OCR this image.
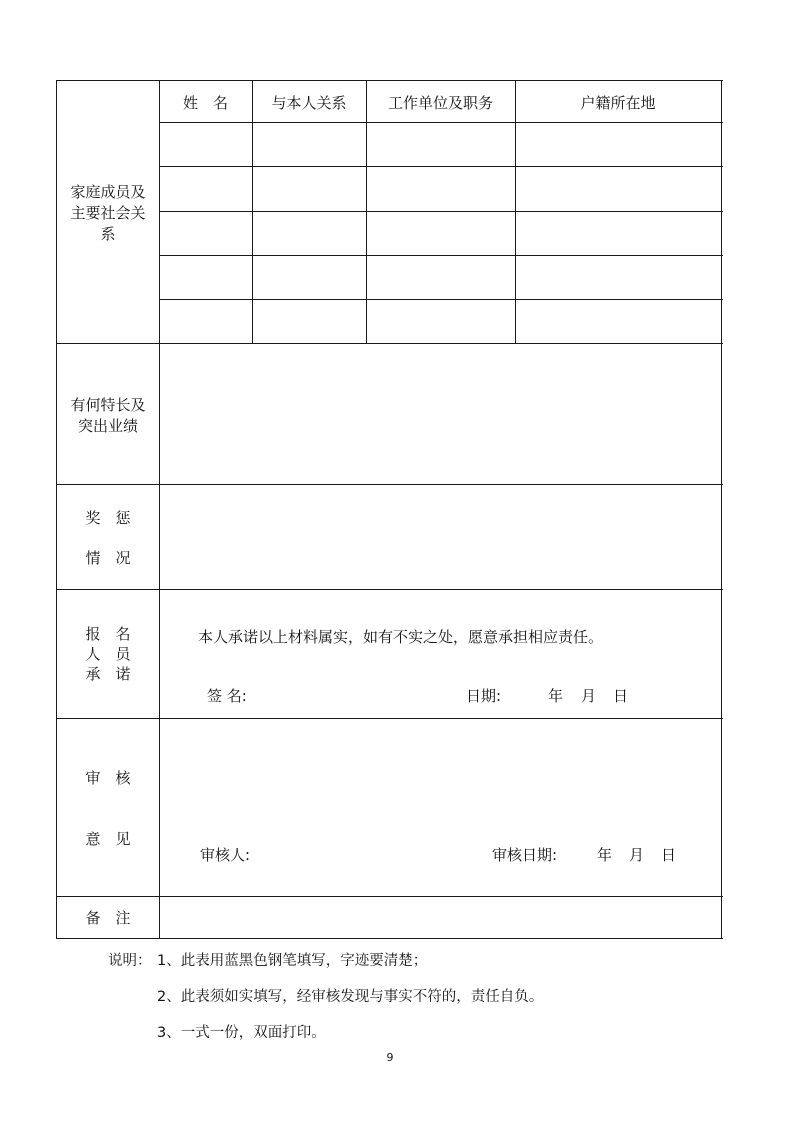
家庭成员及
主要社会关
系
姓　名	与本人关系	工作单位及职务	户籍所在地
有何特长及
突出业绩
奖　惩
情　况
报　名
人　员
承　诺
本人承诺以上材料属实，如有不实之处，愿意承担相应责任。
签 名:	日期:	年 月 日
审　核
意　见
审核人:	审核日期:	年 月 日
备　注
说明： 1、此表用蓝黑色钢笔填写，字迹要清楚；
2、此表须如实填写，经审核发现与事实不符的，责任自负。
3、一式一份，双面打印。
9
